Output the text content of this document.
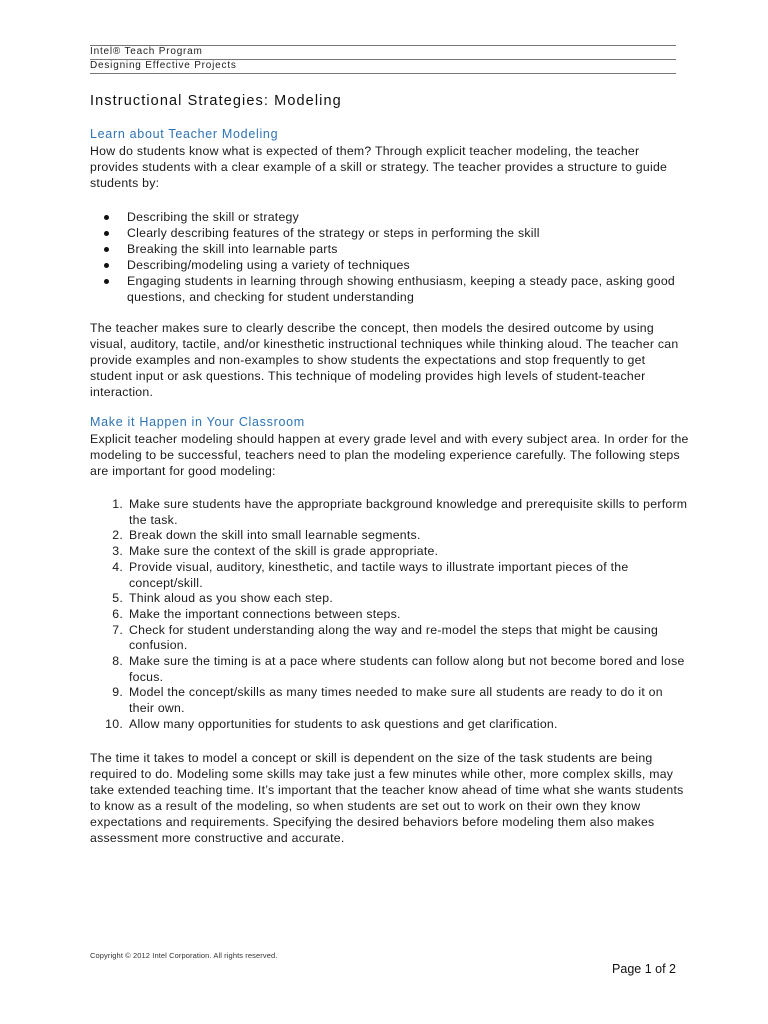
Intel® Teach Program
Designing Effective Projects
Instructional Strategies: Modeling
Learn about Teacher Modeling
How do students know what is expected of them? Through explicit teacher modeling, the teacher provides students with a clear example of a skill or strategy. The teacher provides a structure to guide students by:
Describing the skill or strategy
Clearly describing features of the strategy or steps in performing the skill
Breaking the skill into learnable parts
Describing/modeling using a variety of techniques
Engaging students in learning through showing enthusiasm, keeping a steady pace, asking good questions, and checking for student understanding
The teacher makes sure to clearly describe the concept, then models the desired outcome by using visual, auditory, tactile, and/or kinesthetic instructional techniques while thinking aloud. The teacher can provide examples and non-examples to show students the expectations and stop frequently to get student input or ask questions. This technique of modeling provides high levels of student-teacher interaction.
Make it Happen in Your Classroom
Explicit teacher modeling should happen at every grade level and with every subject area. In order for the modeling to be successful, teachers need to plan the modeling experience carefully. The following steps are important for good modeling:
1. Make sure students have the appropriate background knowledge and prerequisite skills to perform the task.
2. Break down the skill into small learnable segments.
3. Make sure the context of the skill is grade appropriate.
4. Provide visual, auditory, kinesthetic, and tactile ways to illustrate important pieces of the concept/skill.
5. Think aloud as you show each step.
6. Make the important connections between steps.
7. Check for student understanding along the way and re-model the steps that might be causing confusion.
8. Make sure the timing is at a pace where students can follow along but not become bored and lose focus.
9. Model the concept/skills as many times needed to make sure all students are ready to do it on their own.
10. Allow many opportunities for students to ask questions and get clarification.
The time it takes to model a concept or skill is dependent on the size of the task students are being required to do. Modeling some skills may take just a few minutes while other, more complex skills, may take extended teaching time. It’s important that the teacher know ahead of time what she wants students to know as a result of the modeling, so when students are set out to work on their own they know expectations and requirements. Specifying the desired behaviors before modeling them also makes assessment more constructive and accurate.
Copyright © 2012 Intel Corporation. All rights reserved.
Page 1 of 2
